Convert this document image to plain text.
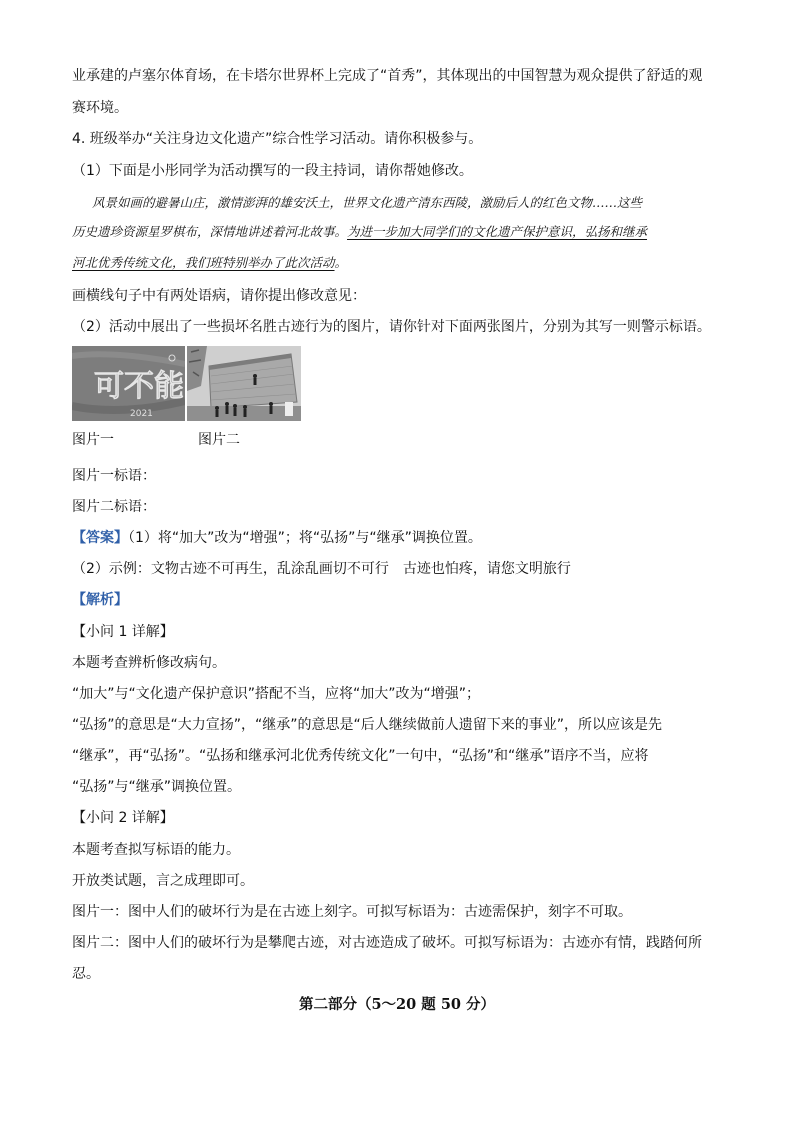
业承建的卢塞尔体育场，在卡塔尔世界杯上完成了“首秀”，其体现出的中国智慧为观众提供了舒适的观
赛环境。
4. 班级举办“关注身边文化遗产”综合性学习活动。请你积极参与。
（1）下面是小彤同学为活动撰写的一段主持词，请你帮她修改。
风景如画的避暑山庄，激情澎湃的雄安沃土，世界文化遗产清东西陵，激励后人的红色文物……这些
历史遗珍资源星罗棋布，深情地讲述着河北故事。为进一步加大同学们的文化遗产保护意识，弘扬和继承
河北优秀传统文化，我们班特别举办了此次活动。
画横线句子中有两处语病，请你提出修改意见：
（2）活动中展出了一些损坏名胜古迹行为的图片，请你针对下面两张图片，分别为其写一则警示标语。
可不能
2021
图片一	图片二
图片一标语：
图片二标语：
【答案】（1）将“加大”改为“增强”；将“弘扬”与“继承”调换位置。
（2）示例：文物古迹不可再生，乱涂乱画切不可行　古迹也怕疼，请您文明旅行
【解析】
【小问 1 详解】
本题考查辨析修改病句。
“加大”与“文化遗产保护意识”搭配不当，应将“加大”改为“增强”；
“弘扬”的意思是“大力宣扬”，“继承”的意思是“后人继续做前人遗留下来的事业”，所以应该是先
“继承”，再“弘扬”。“弘扬和继承河北优秀传统文化”一句中，“弘扬”和“继承”语序不当，应将
“弘扬”与“继承”调换位置。
【小问 2 详解】
本题考查拟写标语的能力。
开放类试题，言之成理即可。
图片一：图中人们的破坏行为是在古迹上刻字。可拟写标语为：古迹需保护，刻字不可取。
图片二：图中人们的破坏行为是攀爬古迹，对古迹造成了破坏。可拟写标语为：古迹亦有情，践踏何所
忍。
第二部分（5～20 题 50 分）
